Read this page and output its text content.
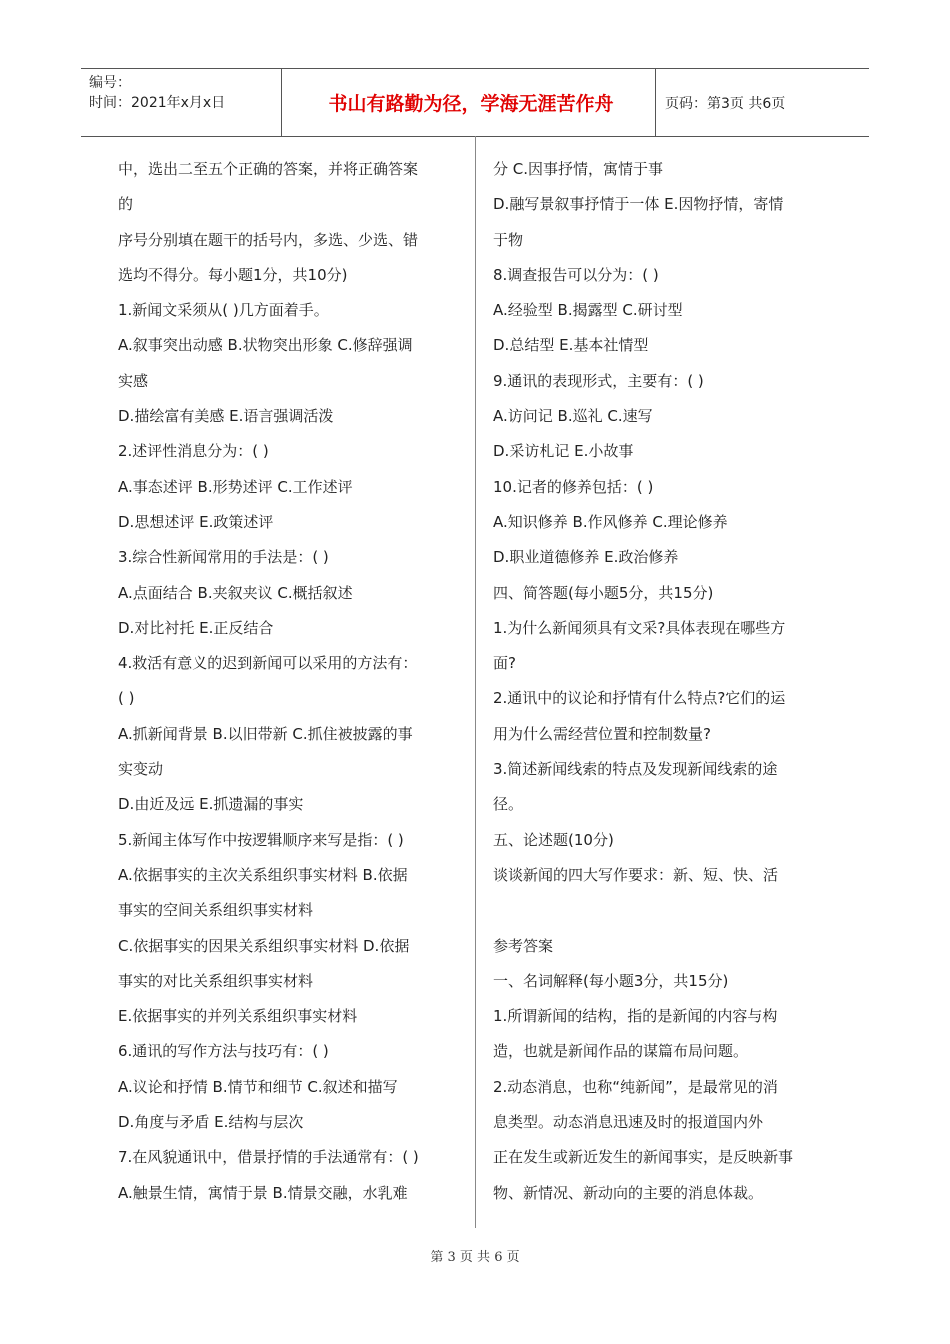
编号：
时间：2021年x月x日	书山有路勤为径，学海无涯苦作舟	页码：第3页 共6页
中，选出二至五个正确的答案，并将正确答案
的
序号分别填在题干的括号内，多选、少选、错
选均不得分。每小题1分，共10分)
1.新闻文采须从( )几方面着手。
A.叙事突出动感 B.状物突出形象 C.修辞强调
实感
D.描绘富有美感 E.语言强调活泼
2.述评性消息分为：( )
A.事态述评 B.形势述评 C.工作述评
D.思想述评 E.政策述评
3.综合性新闻常用的手法是：( )
A.点面结合 B.夹叙夹议 C.概括叙述
D.对比衬托 E.正反结合
4.救活有意义的迟到新闻可以采用的方法有：
( )
A.抓新闻背景 B.以旧带新 C.抓住被披露的事
实变动
D.由近及远 E.抓遗漏的事实
5.新闻主体写作中按逻辑顺序来写是指：( )
A.依据事实的主次关系组织事实材料 B.依据
事实的空间关系组织事实材料
C.依据事实的因果关系组织事实材料 D.依据
事实的对比关系组织事实材料
E.依据事实的并列关系组织事实材料
6.通讯的写作方法与技巧有：( )
A.议论和抒情 B.情节和细节 C.叙述和描写
D.角度与矛盾 E.结构与层次
7.在风貌通讯中，借景抒情的手法通常有：( )
A.触景生情，寓情于景 B.情景交融，水乳难
分 C.因事抒情，寓情于事
D.融写景叙事抒情于一体 E.因物抒情，寄情
于物
8.调查报告可以分为：( )
A.经验型 B.揭露型 C.研讨型
D.总结型 E.基本社情型
9.通讯的表现形式，主要有：( )
A.访问记 B.巡礼 C.速写
D.采访札记 E.小故事
10.记者的修养包括：( )
A.知识修养 B.作风修养 C.理论修养
D.职业道德修养 E.政治修养
四、简答题(每小题5分，共15分)
1.为什么新闻须具有文采?具体表现在哪些方
面?
2.通讯中的议论和抒情有什么特点?它们的运
用为什么需经营位置和控制数量?
3.简述新闻线索的特点及发现新闻线索的途
径。
五、论述题(10分)
谈谈新闻的四大写作要求：新、短、快、活
参考答案
一、名词解释(每小题3分，共15分)
1.所谓新闻的结构，指的是新闻的内容与构
造，也就是新闻作品的谋篇布局问题。
2.动态消息，也称“纯新闻”，是最常见的消
息类型。动态消息迅速及时的报道国内外
正在发生或新近发生的新闻事实，是反映新事
物、新情况、新动向的主要的消息体裁。
第 3 页 共 6 页
